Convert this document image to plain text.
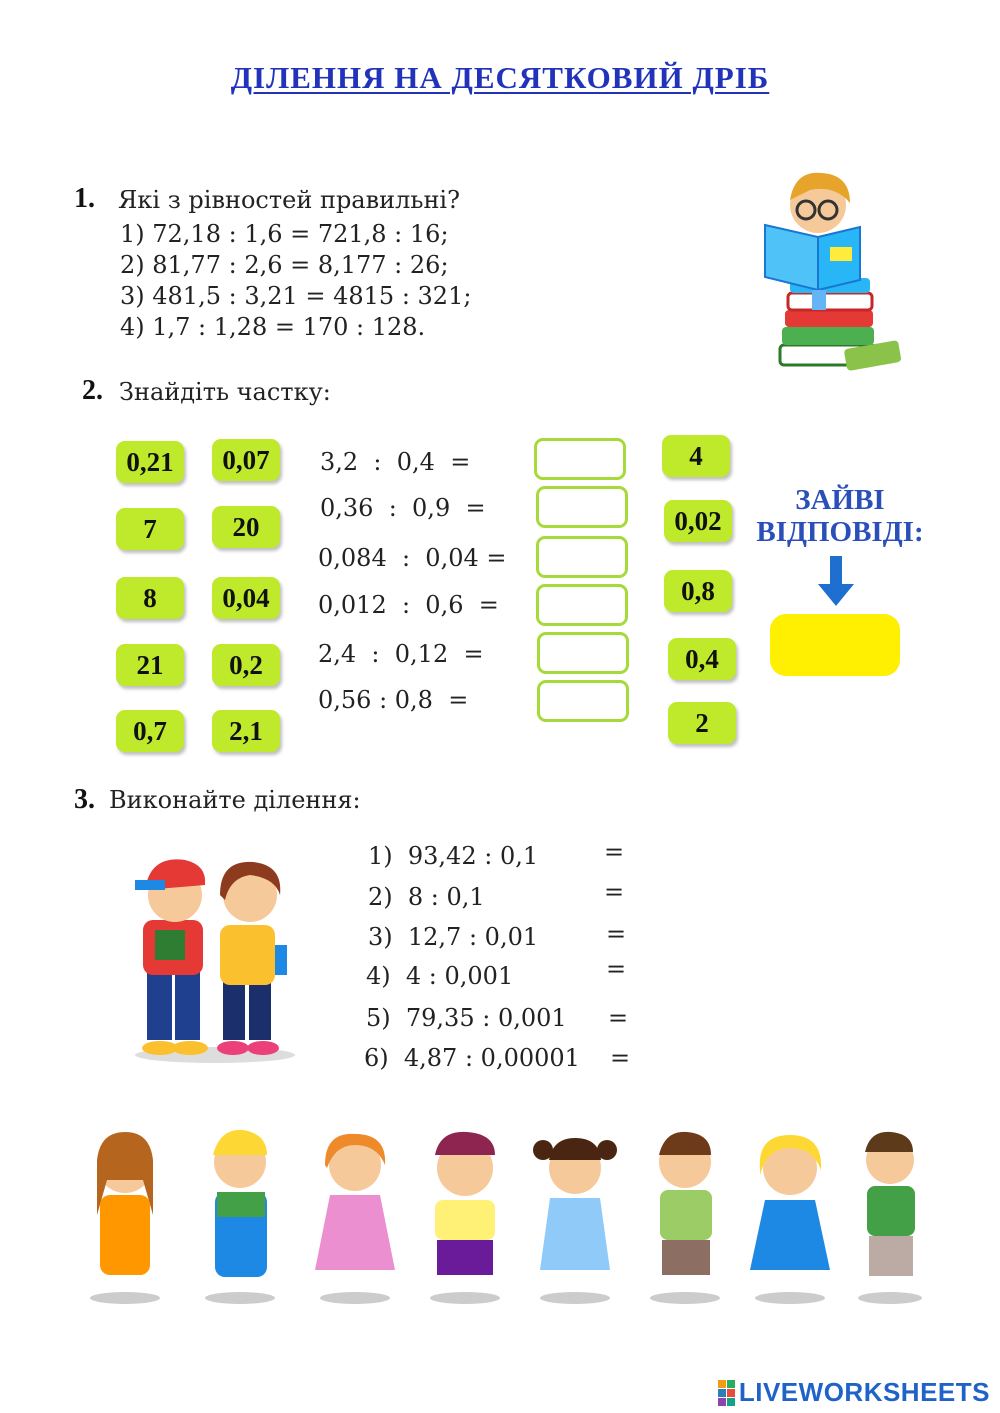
ДІЛЕННЯ НА ДЕСЯТКОВИЙ ДРІБ
1. Які з рівностей правильні?
1) 72,18 : 1,6 = 721,8 : 16;
2) 81,77 : 2,6 = 8,177 : 26;
3) 481,5 : 3,21 = 4815 : 321;
4) 1,7 : 1,28 = 170 : 128.
2. Знайдіть частку:
0,21	0,07
7	20
8	0,04
21	0,2
0,7	2,1
3,2  :  0,4  =
0,36  :  0,9  =
0,084  :  0,04 =
0,012  :  0,6  =
2,4  :  0,12  =
0,56 : 0,8  =
4
0,02
0,8
0,4
2
ЗАЙВІ
ВІДПОВІДІ:
3. Виконайте ділення:
1)  93,42 : 0,1	=
2)  8 : 0,1	=
3)  12,7 : 0,01	=
4)  4 : 0,001	=
5)  79,35 : 0,001 =
6)  4,87 : 0,00001 =
LIVEWORKSHEETS
